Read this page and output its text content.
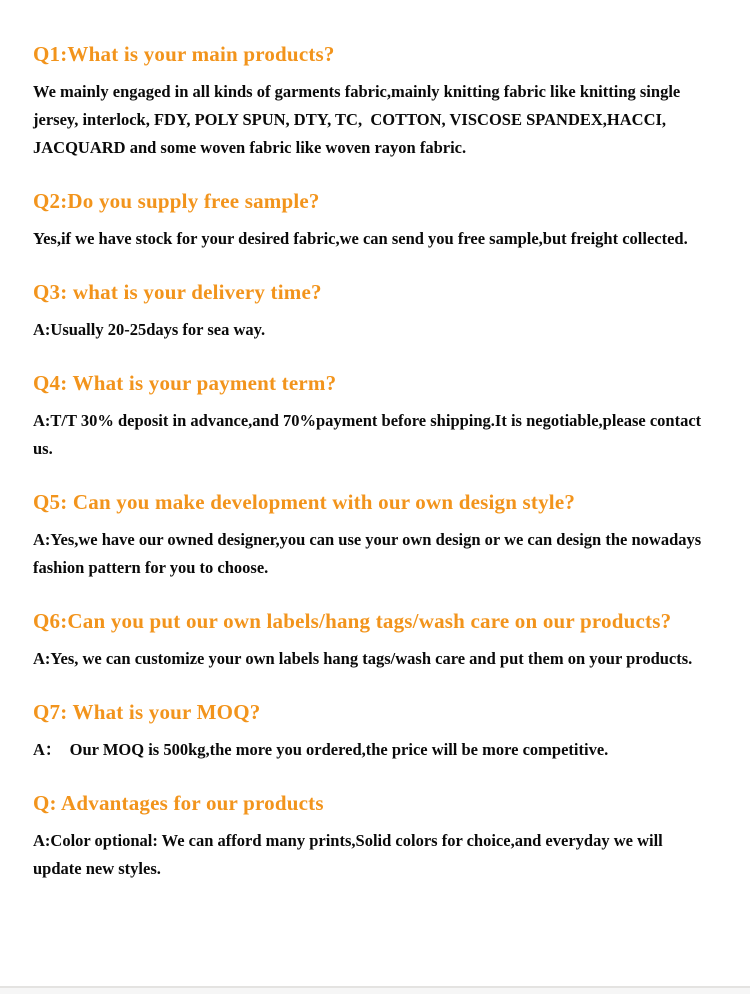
Q1:What is your main products?

We mainly engaged in all kinds of garments fabric,mainly knitting fabric like knitting single jersey, interlock, FDY, POLY SPUN, DTY, TC,  COTTON, VISCOSE SPANDEX,HACCI, JACQUARD and some woven fabric like woven rayon fabric.

Q2:Do you supply free sample?

Yes,if we have stock for your desired fabric,we can send you free sample,but freight collected.

Q3: what is your delivery time?

A:Usually 20-25days for sea way.

Q4: What is your payment term?

A:T/T 30% deposit in advance,and 70%payment before shipping.It is negotiable,please contact us.

Q5: Can you make development with our own design style?

A:Yes,we have our owned designer,you can use your own design or we can design the nowadays fashion pattern for you to choose.

Q6:Can you put our own labels/hang tags/wash care on our products?

A:Yes, we can customize your own labels hang tags/wash care and put them on your products.

Q7: What is your MOQ?

A：  Our MOQ is 500kg,the more you ordered,the price will be more competitive.

Q: Advantages for our products

A:Color optional: We can afford many prints,Solid colors for choice,and everyday we will update new styles.
